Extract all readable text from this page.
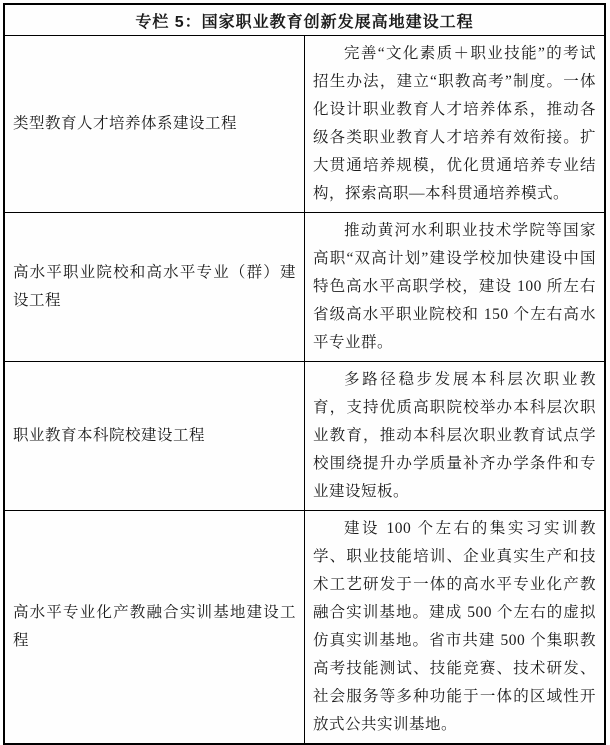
专栏 5：国家职业教育创新发展高地建设工程	
类型教育人才培养体系建设工程	完善“文化素质＋职业技能”的考试招生办法，建立“职教高考”制度。一体化设计职业教育人才培养体系，推动各级各类职业教育人才培养有效衔接。扩大贯通培养规模，优化贯通培养专业结构，探索高职—本科贯通培养模式。

高水平职业院校和高水平专业（群）建设工程	推动黄河水利职业技术学院等国家高职“双高计划”建设学校加快建设中国特色高水平高职学校，建设 100 所左右省级高水平职业院校和 150 个左右高水平专业群。

职业教育本科院校建设工程	多路径稳步发展本科层次职业教育，支持优质高职院校举办本科层次职业教育，推动本科层次职业教育试点学校围绕提升办学质量补齐办学条件和专业建设短板。

高水平专业化产教融合实训基地建设工程	建设 100 个左右的集实习实训教学、职业技能培训、企业真实生产和技术工艺研发于一体的高水平专业化产教融合实训基地。建成 500 个左右的虚拟仿真实训基地。省市共建 500 个集职教高考技能测试、技能竞赛、技术研发、社会服务等多种功能于一体的区域性开放式公共实训基地。
